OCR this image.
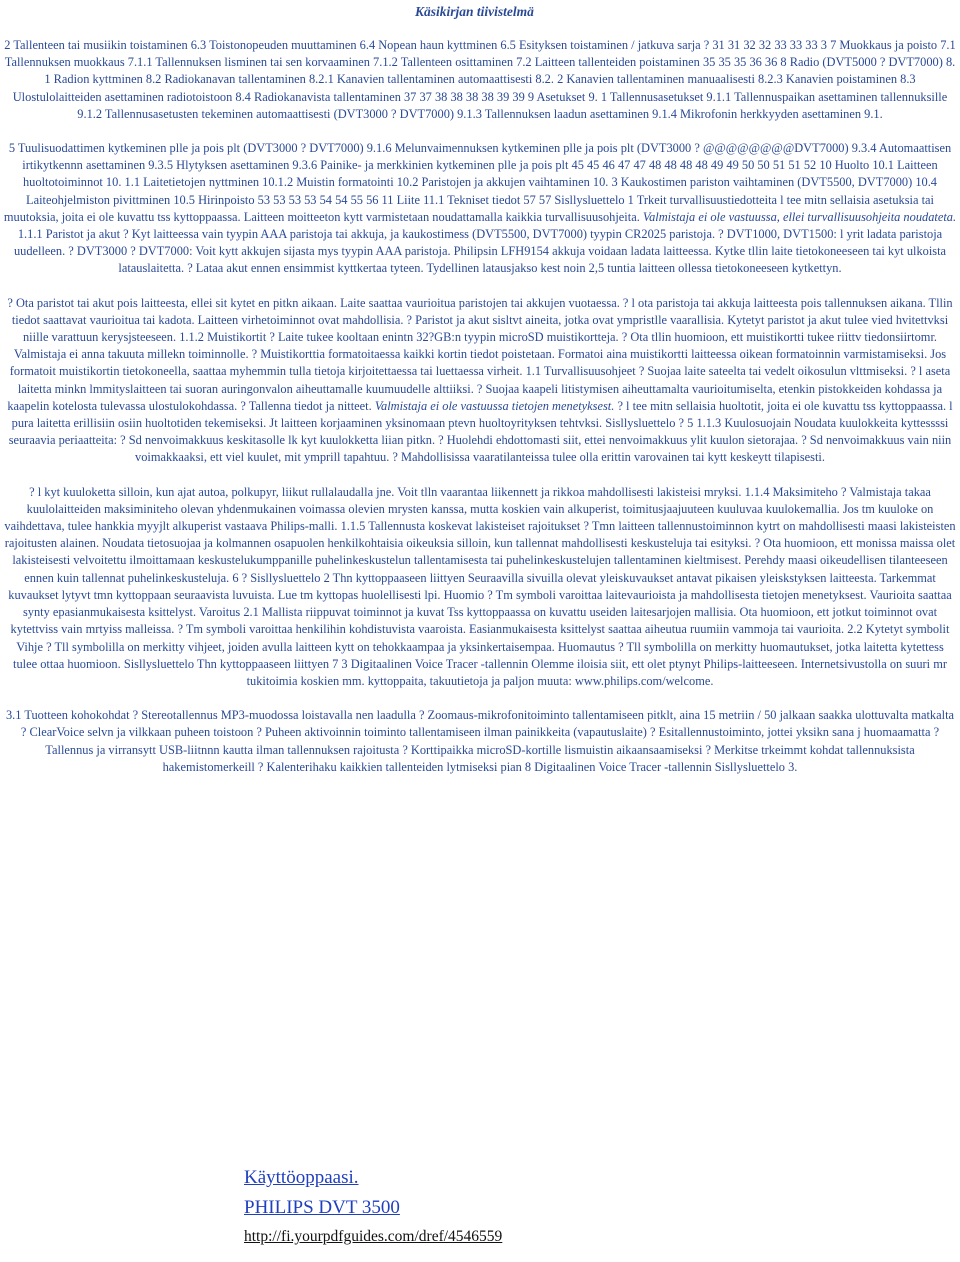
Käsikirjan tiivistelmä

2 Tallenteen tai musiikin toistaminen 6.3 Toistonopeuden muuttaminen 6.4 Nopean haun kyttminen 6.5 Esityksen toistaminen / jatkuva sarja ? 31 31 32 32 33 33 33 3 7 Muokkaus ja poisto 7.1 Tallennuksen muokkaus 7.1.1 Tallennuksen lisminen tai sen korvaaminen 7.1.2 Tallenteen osittaminen 7.2 Laitteen tallenteiden poistaminen 35 35 35 36 36 8 Radio (DVT5000 ? DVT7000) 8. 1 Radion kyttminen 8.2 Radiokanavan tallentaminen 8.2.1 Kanavien tallentaminen automaattisesti 8.2. 2 Kanavien tallentaminen manuaalisesti 8.2.3 Kanavien poistaminen 8.3 Ulostulolaitteiden asettaminen radiotoistoon 8.4 Radiokanavista tallentaminen 37 37 38 38 38 38 39 39 9 Asetukset 9. 1 Tallennusasetukset 9.1.1 Tallennuspaikan asettaminen tallennuksille 9.1.2 Tallennusasetusten tekeminen automaattisesti (DVT3000 ? DVT7000) 9.1.3 Tallennuksen laadun asettaminen 9.1.4 Mikrofonin herkkyyden asettaminen 9.1.

5 Tuulisuodattimen kytkeminen plle ja pois plt (DVT3000 ? DVT7000) 9.1.6 Melunvaimennuksen kytkeminen plle ja pois plt (DVT3000 ? @@@@@@@@DVT7000) 9.3.4 Automaattisen irtikytkennn asettaminen 9.3.5 Hlytyksen asettaminen 9.3.6 Painike- ja merkkinien kytkeminen plle ja pois plt 45 45 46 47 47 48 48 48 48 49 49 50 50 51 51 52 10 Huolto 10.1 Laitteen huoltotoiminnot 10. 1.1 Laitetietojen nyttminen 10.1.2 Muistin formatointi 10.2 Paristojen ja akkujen vaihtaminen 10. 3 Kaukostimen pariston vaihtaminen (DVT5500, DVT7000) 10.4 Laiteohjelmiston pivittminen 10.5 Hirinpoisto 53 53 53 53 54 54 55 56 11 Liite 11.1 Tekniset tiedot 57 57 Sisllysluettelo 1 Trkeit turvallisuustiedotteita l tee mitn sellaisia asetuksia tai muutoksia, joita ei ole kuvattu tss kyttoppaassa. Laitteen moitteeton kytt varmistetaan noudattamalla kaikkia turvallisuusohjeita. Valmistaja ei ole vastuussa, ellei turvallisuusohjeita noudateta. 1.1.1 Paristot ja akut ? Kyt laitteessa vain tyypin AAA paristoja tai akkuja, ja kaukostimess (DVT5500, DVT7000) tyypin CR2025 paristoja. ? DVT1000, DVT1500: l yrit ladata paristoja uudelleen. ? DVT3000 ? DVT7000: Voit kytt akkujen sijasta mys tyypin AAA paristoja. Philipsin LFH9154 akkuja voidaan ladata laitteessa. Kytke tllin laite tietokoneeseen tai kyt ulkoista latauslaitetta. ? Lataa akut ennen ensimmist kyttkertaa tyteen. Tydellinen latausjakso kest noin 2,5 tuntia laitteen ollessa tietokoneeseen kytkettyn.

? Ota paristot tai akut pois laitteesta, ellei sit kytet en pitkn aikaan. Laite saattaa vaurioitua paristojen tai akkujen vuotaessa. ? l ota paristoja tai akkuja laitteesta pois tallennuksen aikana. Tllin tiedot saattavat vaurioitua tai kadota. Laitteen virhetoiminnot ovat mahdollisia. ? Paristot ja akut sisltvt aineita, jotka ovat ympristlle vaarallisia. Kytetyt paristot ja akut tulee vied hvitettvksi niille varattuun kerysjsteeseen. 1.1.2 Muistikortit ? Laite tukee kooltaan enintn 32?GB:n tyypin microSD muistikortteja. ? Ota tllin huomioon, ett muistikortti tukee riittv tiedonsiirtomr. Valmistaja ei anna takuuta millekn toiminnolle. ? Muistikorttia formatoitaessa kaikki kortin tiedot poistetaan. Formatoi aina muistikortti laitteessa oikean formatoinnin varmistamiseksi. Jos formatoit muistikortin tietokoneella, saattaa myhemmin tulla tietoja kirjoitettaessa tai luettaessa virheit. 1.1 Turvallisuusohjeet ? Suojaa laite sateelta tai vedelt oikosulun vlttmiseksi. ? l aseta laitetta minkn lmmityslaitteen tai suoran auringonvalon aiheuttamalle kuumuudelle alttiiksi. ? Suojaa kaapeli litistymisen aiheuttamalta vaurioitumiselta, etenkin pistokkeiden kohdassa ja kaapelin kotelosta tulevassa ulostulokohdassa. ? Tallenna tiedot ja nitteet. Valmistaja ei ole vastuussa tietojen menetyksest. ? l tee mitn sellaisia huoltotit, joita ei ole kuvattu tss kyttoppaassa. l pura laitetta erillisiin osiin huoltotiden tekemiseksi. Jt laitteen korjaaminen yksinomaan ptevn huoltoyrityksen tehtvksi. Sisllysluettelo ? 5 1.1.3 Kuulosuojain Noudata kuulokkeita kyttessssi seuraavia periaatteita: ? Sd nenvoimakkuus keskitasolle lk kyt kuulokketta liian pitkn. ? Huolehdi ehdottomasti siit, ettei nenvoimakkuus ylit kuulon sietorajaa. ? Sd nenvoimakkuus vain niin voimakkaaksi, ett viel kuulet, mit ymprill tapahtuu. ? Mahdollisissa vaaratilanteissa tulee olla erittin varovainen tai kytt keskeytt tilapisesti.

? l kyt kuuloketta silloin, kun ajat autoa, polkupyr, liikut rullalaudalla jne. Voit tlln vaarantaa liikennett ja rikkoa mahdollisesti lakisteisi mryksi. 1.1.4 Maksimiteho ? Valmistaja takaa kuulolaitteiden maksiminiteho olevan yhdenmukainen voimassa olevien mrysten kanssa, mutta koskien vain alkuperist, toimitusjaajuuteen kuuluvaa kuulokemallia. Jos tm kuuloke on vaihdettava, tulee hankkia myyjlt alkuperist vastaava Philips-malli. 1.1.5 Tallennusta koskevat lakisteiset rajoitukset ? Tmn laitteen tallennustoiminnon kytrt on mahdollisesti maasi lakisteisten rajoitusten alainen. Noudata tietosuojaa ja kolmannen osapuolen henkilkohtaisia oikeuksia silloin, kun tallennat mahdollisesti keskusteluja tai esityksi. ? Ota huomioon, ett monissa maissa olet lakisteisesti velvoitettu ilmoittamaan keskustelukumppanille puhelinkeskustelun tallentamisesta tai puhelinkeskustelujen tallentaminen kieltmisest. Perehdy maasi oikeudellisen tilanteeseen ennen kuin tallennat puhelinkeskusteluja. 6 ? Sisllysluettelo 2 Thn kyttoppaaseen liittyen Seuraavilla sivuilla olevat yleiskuvaukset antavat pikaisen yleiskstyksen laitteesta. Tarkemmat kuvaukset lytyvt tmn kyttoppaan seuraavista luvuista. Lue tm kyttopas huolellisesti lpi. Huomio ? Tm symboli varoittaa laitevaurioista ja mahdollisesta tietojen menetyksest. Vaurioita saattaa synty epasianmukaisesta ksittelyst. Varoitus 2.1 Mallista riippuvat toiminnot ja kuvat Tss kyttoppaassa on kuvattu useiden laitesarjojen mallisia. Ota huomioon, ett jotkut toiminnot ovat kytettviss vain mrtyiss malleissa. ? Tm symboli varoittaa henkilihin kohdistuvista vaaroista. Easianmukaisesta ksittelyst saattaa aiheutua ruumiin vammoja tai vaurioita. 2.2 Kytetyt symbolit Vihje ? Tll symbolilla on merkitty vihjeet, joiden avulla laitteen kytt on tehokkaampaa ja yksinkertaisempaa. Huomautus ? Tll symbolilla on merkitty huomautukset, jotka laitetta kytettess tulee ottaa huomioon. Sisllysluettelo Thn kyttoppaaseen liittyen 7 3 Digitaalinen Voice Tracer -tallennin Olemme iloisia siit, ett olet ptynyt Philips-laitteeseen. Internetsivustolla on suuri mr tukitoimia koskien mm. kyttoppaita, takuutietoja ja paljon muuta: www.philips.com/welcome.

3.1 Tuotteen kohokohdat ? Stereotallennus MP3-muodossa loistavalla nen laadulla ? Zoomaus-mikrofonitoiminto tallentamiseen pitklt, aina 15 metriin / 50 jalkaan saakka ulottuvalta matkalta ? ClearVoice selvn ja vilkkaan puheen toistoon ? Puheen aktivoinnin toiminto tallentamiseen ilman painikkeita (vapautuslaite) ? Esitallennustoiminto, jottei yksikn sana j huomaamatta ? Tallennus ja virransytt USB-liitnnn kautta ilman tallennuksen rajoitusta ? Korttipaikka microSD-kortille lismuistin aikaansaamiseksi ? Merkitse trkeimmt kohdat tallennuksista hakemistomerkeill ? Kalenterihaku kaikkien tallenteiden lytmiseksi pian 8 Digitaalinen Voice Tracer -tallennin Sisllysluettelo 3.

Käyttöoppaasi.
PHILIPS DVT 3500
http://fi.yourpdfguides.com/dref/4546559
